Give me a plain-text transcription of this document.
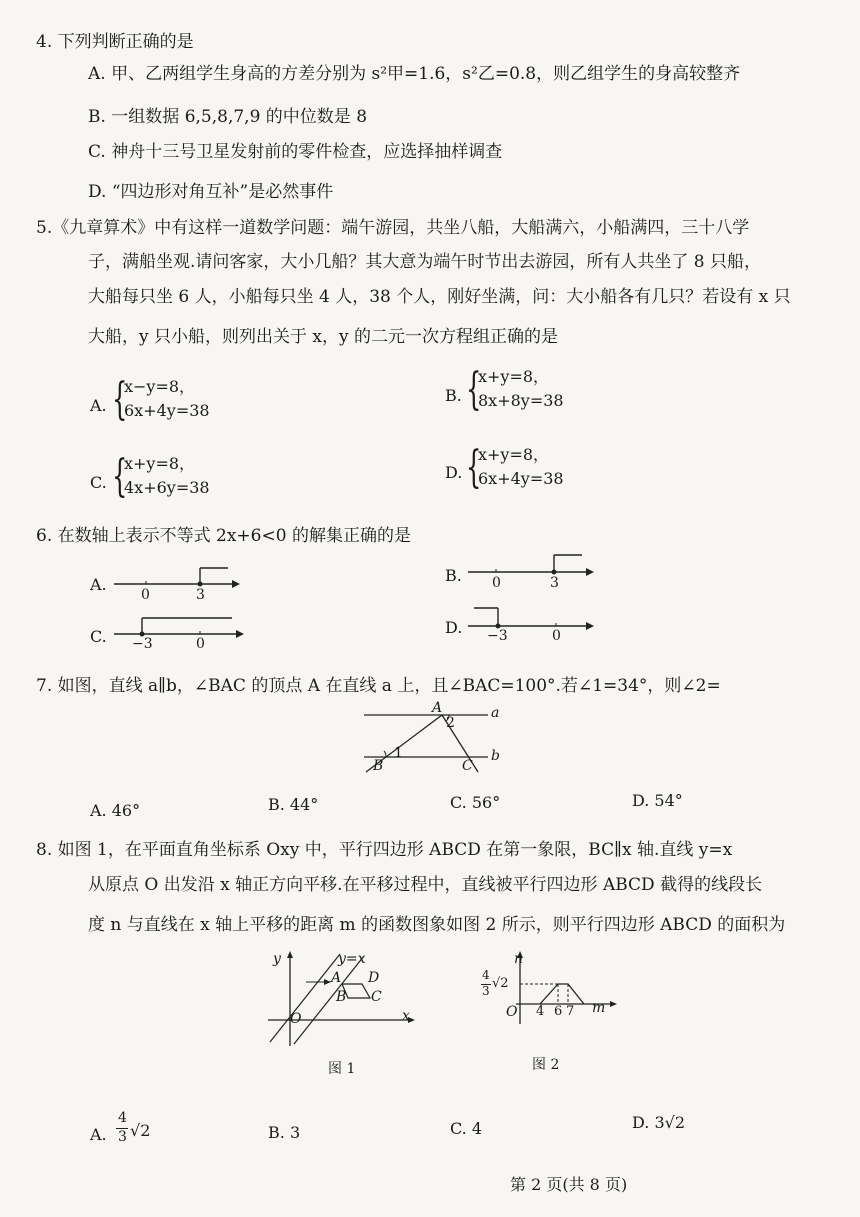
4. 下列判断正确的是
A. 甲、乙两组学生身高的方差分别为 s²甲=1.6，s²乙=0.8，则乙组学生的身高较整齐
B. 一组数据 6,5,8,7,9 的中位数是 8
C. 神舟十三号卫星发射前的零件检查，应选择抽样调查
D. “四边形对角互补”是必然事件
5.《九章算术》中有这样一道数学问题：端午游园，共坐八船，大船满六，小船满四，三十八学
子，满船坐观.请问客家，大小几船？其大意为端午时节出去游园，所有人共坐了 8 只船，
大船每只坐 6 人，小船每只坐 4 人，38 个人，刚好坐满，问：大小船各有几只？若设有 x 只
大船，y 只小船，则列出关于 x，y 的二元一次方程组正确的是
A. {
x−y=8，
6x+4y=38
B. {
x+y=8，
8x+8y=38
C. {
x+y=8，
4x+6y=38
D. {
x+y=8，
6x+4y=38
6. 在数轴上表示不等式 2x+6<0 的解集正确的是
A.
0	3
B. 0	3
C. −3	0
D. −3	0
7. 如图，直线 a∥b，∠BAC 的顶点 A 在直线 a 上，且∠BAC=100°.若∠1=34°，则∠2=
A
2
a
1	b
B	C
A. 46°	B. 44°	C. 56°	D. 54°
8. 如图 1，在平面直角坐标系 Oxy 中，平行四边形 ABCD 在第一象限，BC∥x 轴.直线 y=x
从原点 O 出发沿 x 轴正方向平移.在平移过程中，直线被平行四边形 ABCD 截得的线段长
度 n 与直线在 x 轴上平移的距离 m 的函数图象如图 2 所示，则平行四边形 ABCD 的面积为
y	y=x
A D
B C
O	x
图 1
n
4
3 √2
O 4 6 7 m
图 2
A.
4
3 √2	B. 3	C. 4	D. 3√2
第 2 页(共 8 页)
